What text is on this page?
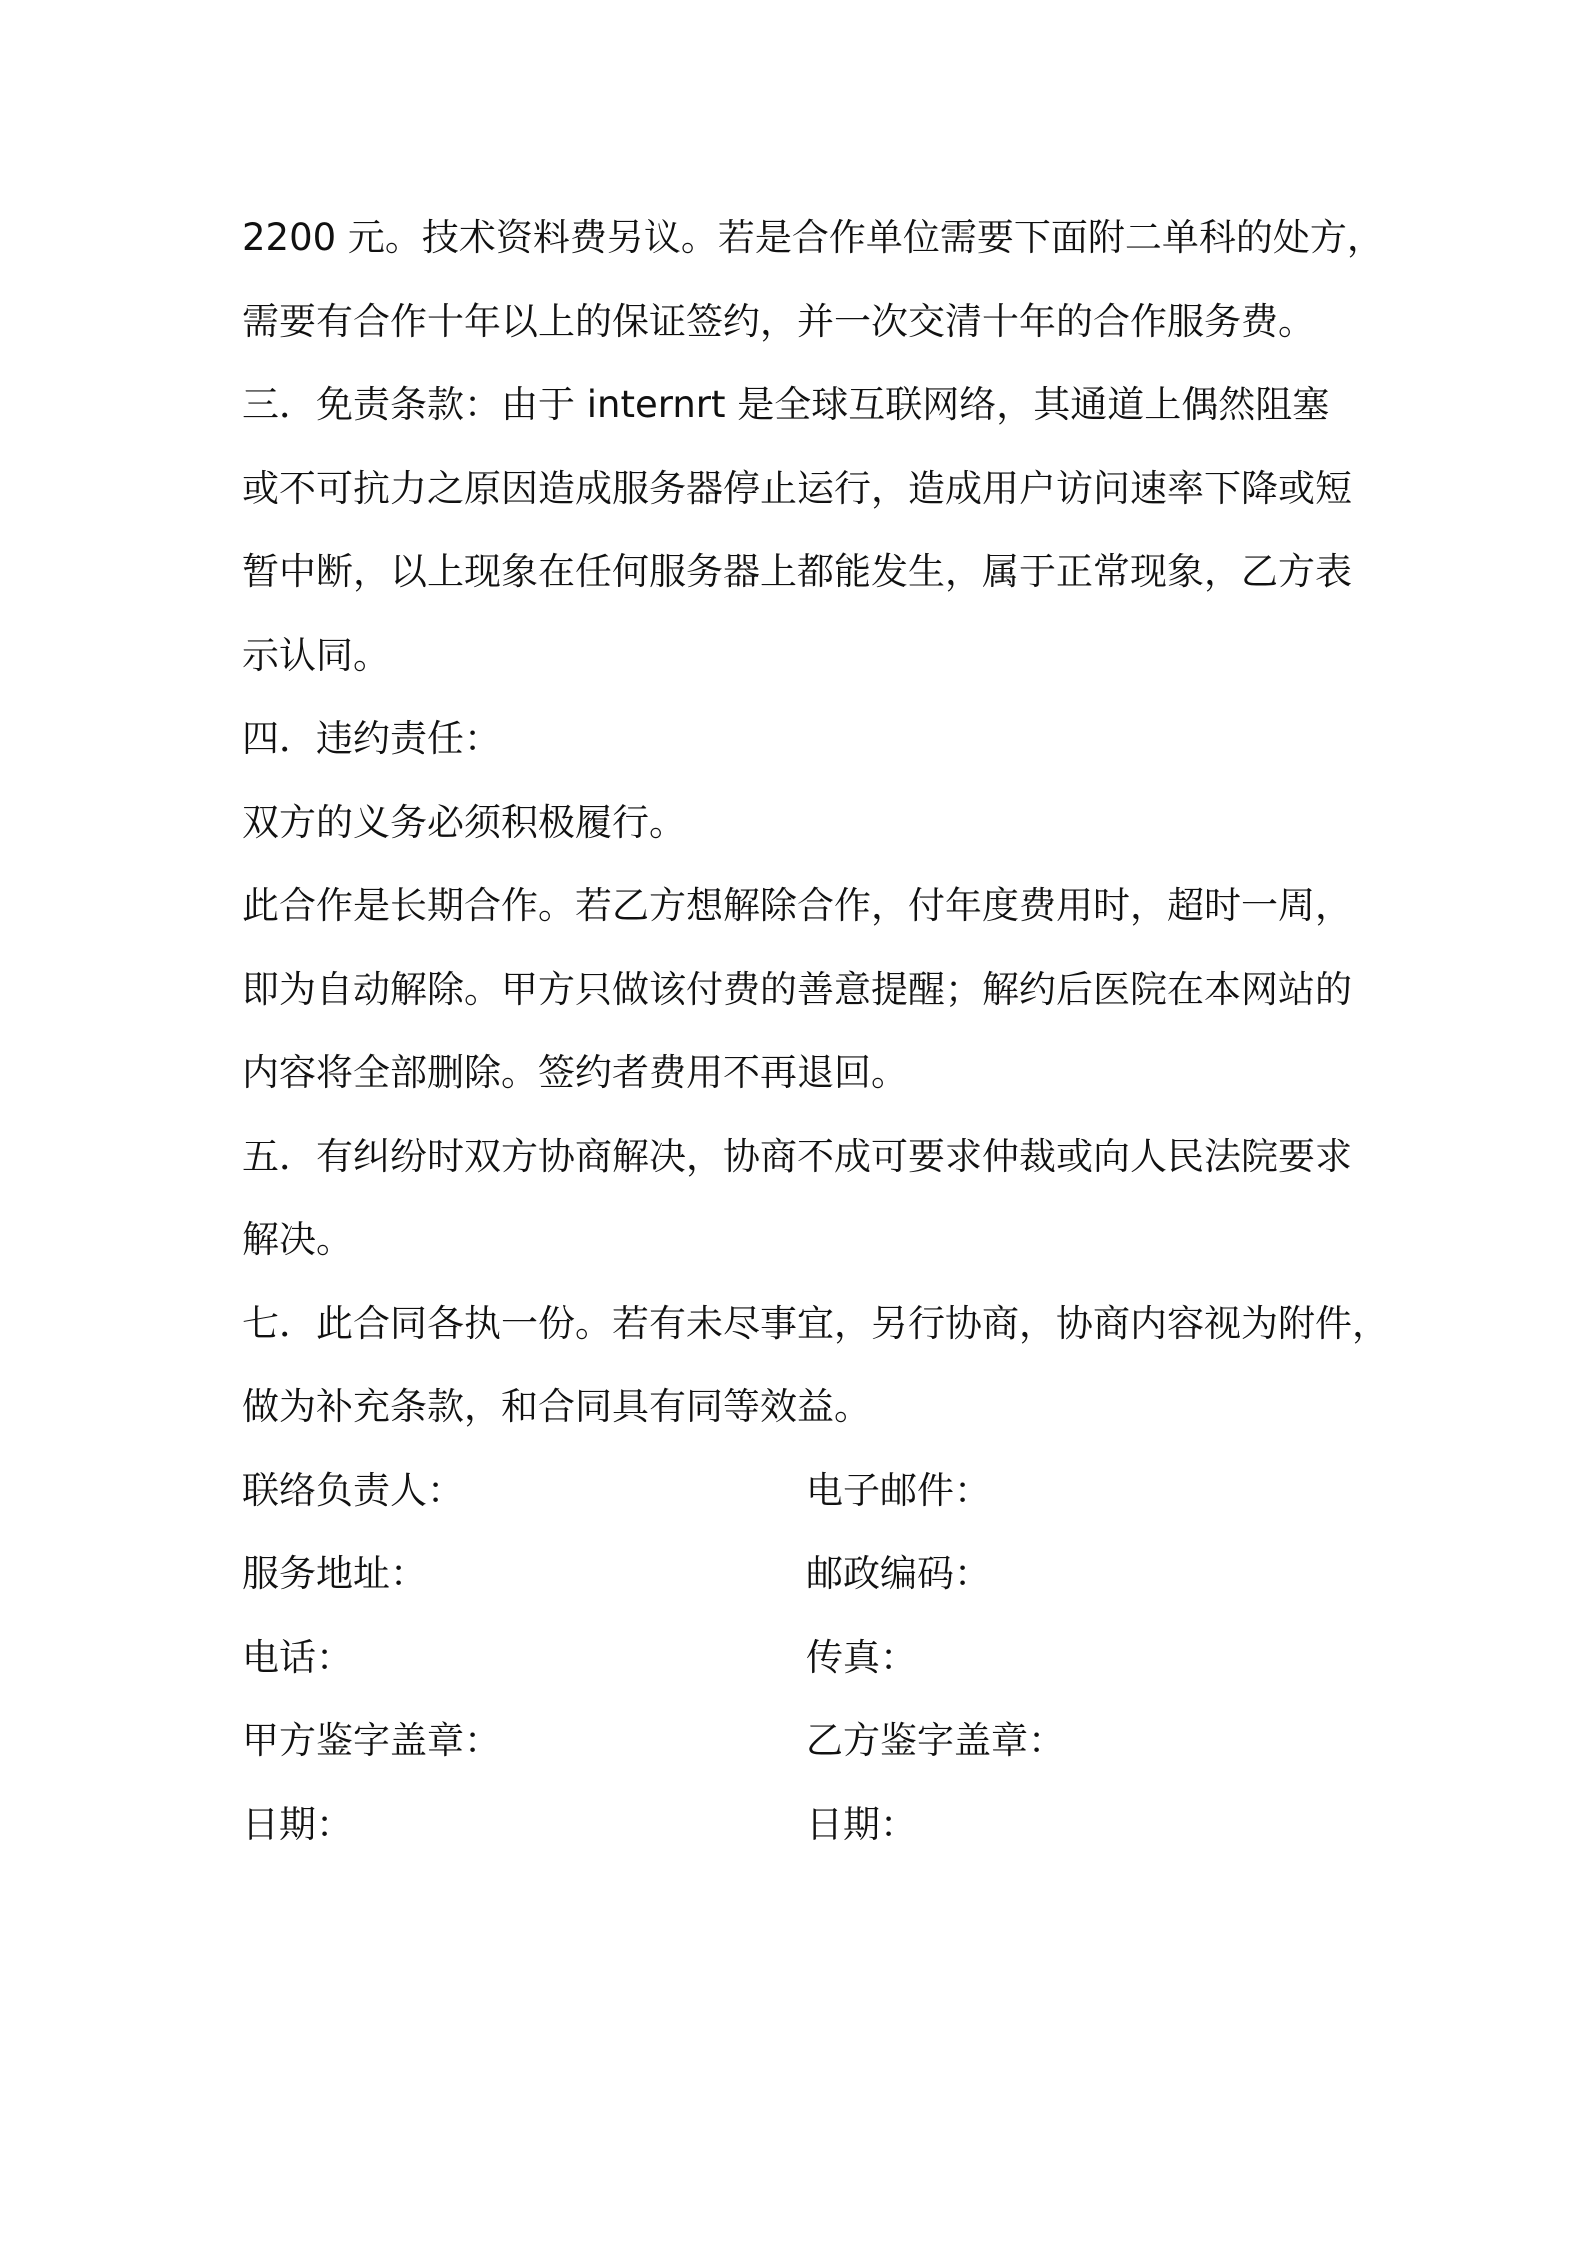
2200 元。技术资料费另议。若是合作单位需要下面附二单科的处方，
需要有合作十年以上的保证签约，并一次交清十年的合作服务费。
三．免责条款：由于 internrt 是全球互联网络，其通道上偶然阻塞
或不可抗力之原因造成服务器停止运行，造成用户访问速率下降或短
暂中断，以上现象在任何服务器上都能发生，属于正常现象，乙方表
示认同。
四．违约责任：
双方的义务必须积极履行。
此合作是长期合作。若乙方想解除合作，付年度费用时，超时一周，
即为自动解除。甲方只做该付费的善意提醒；解约后医院在本网站的
内容将全部删除。签约者费用不再退回。
五．有纠纷时双方协商解决，协商不成可要求仲裁或向人民法院要求
解决。
七．此合同各执一份。若有未尽事宜，另行协商，协商内容视为附件，
做为补充条款，和合同具有同等效益。
联络负责人：	电子邮件：
服务地址：	邮政编码：
电话：	传真：
甲方鉴字盖章：	乙方鉴字盖章：
日期：	日期：
